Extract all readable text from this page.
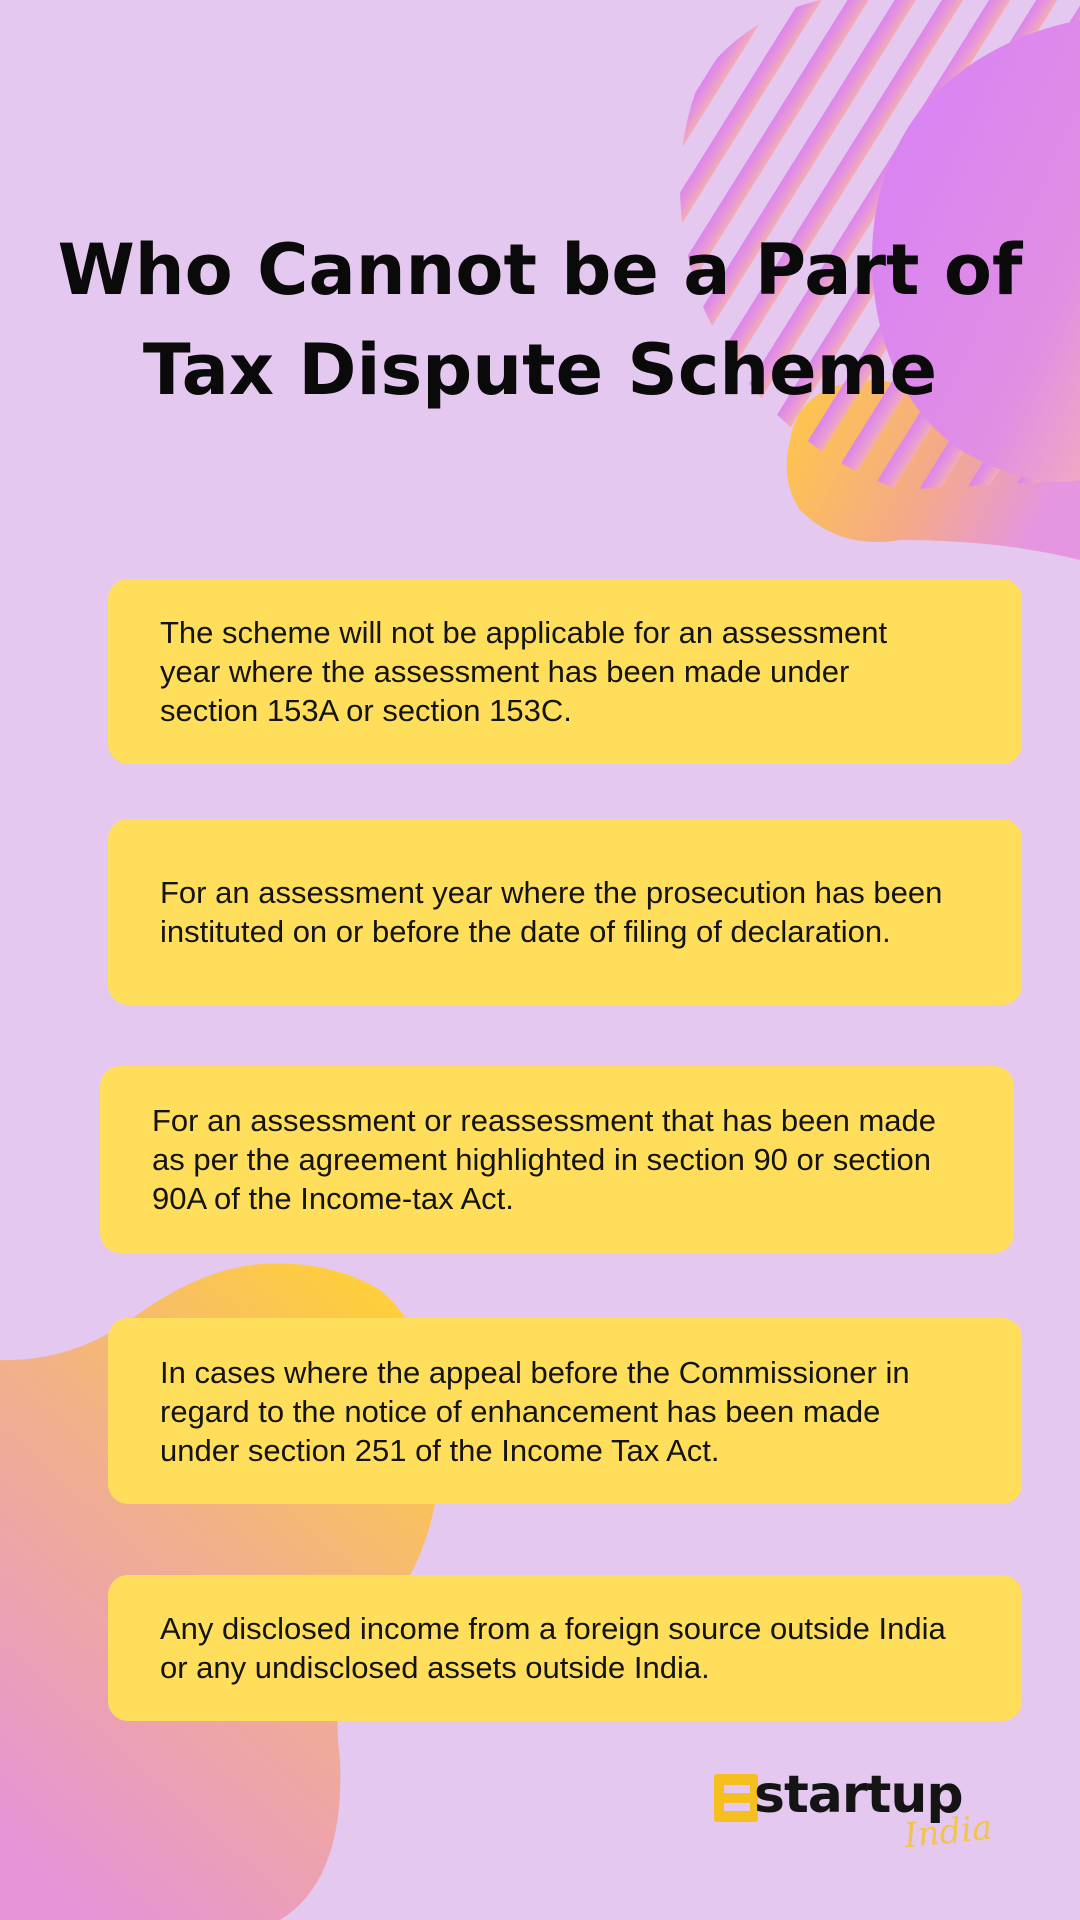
Who Cannot be a Part of Tax Dispute Scheme

The scheme will not be applicable for an assessment year where the assessment has been made under section 153A or section 153C.

For an assessment year where the prosecution has been instituted on or before the date of filing of declaration.

For an assessment or reassessment that has been made as per the agreement highlighted in section 90 or section 90A of the Income-tax Act.

In cases where the appeal before the Commissioner in regard to the notice of enhancement has been made under section 251 of the Income Tax Act.

Any disclosed income from a foreign source outside India or any undisclosed assets outside India.

startup
India
